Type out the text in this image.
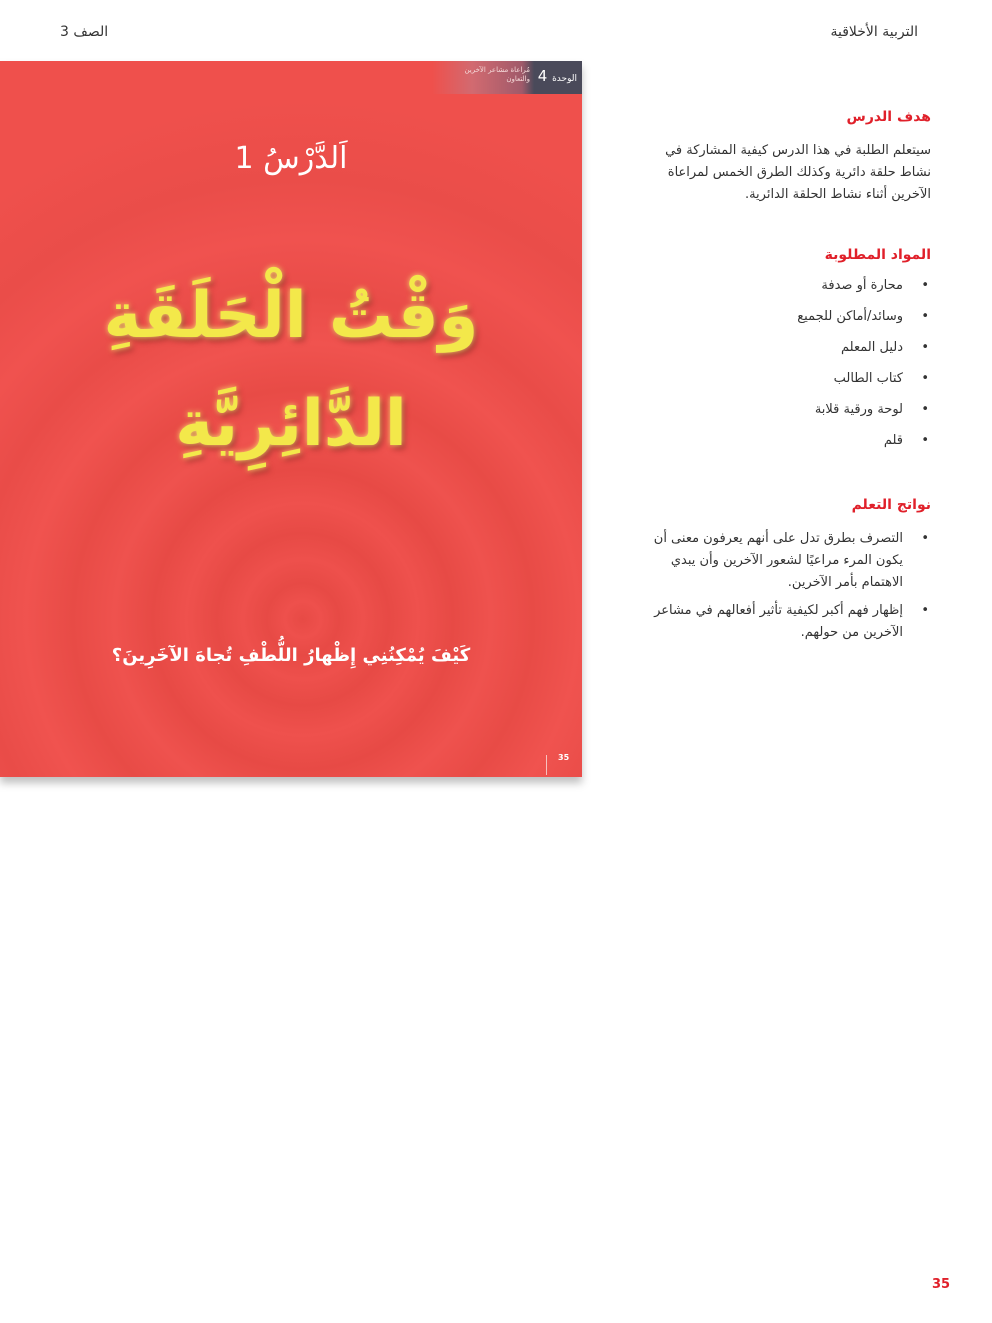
التربية الأخلاقية
الصف 3
الوحدة 4
مُراعاة مشاعر الآخرين والتعاون
اَلدَّرْسُ 1
وَقْتُ الْحَلَقَةِ
الدَّائِرِيَّةِ
كَيْفَ يُمْكِنُنِي إِظْهارُ اللُّطْفِ تُجاهَ الآخَرِينَ؟
35
هدف الدرس
سيتعلم الطلبة في هذا الدرس كيفية المشاركة في نشاط حلقة دائرية وكذلك الطرق الخمس لمراعاة الآخرين أثناء نشاط الحلقة الدائرية.
المواد المطلوبة
• محارة أو صدفة
• وسائد/أماكن للجميع
• دليل المعلم
• كتاب الطالب
• لوحة ورقية قلابة
• قلم
نواتج التعلم
• التصرف بطرق تدل على أنهم يعرفون معنى أن يكون المرء مراعيًا لشعور الآخرين وأن يبدي الاهتمام بأمر الآخرين.
• إظهار فهم أكبر لكيفية تأثير أفعالهم في مشاعر الآخرين من حولهم.
35
